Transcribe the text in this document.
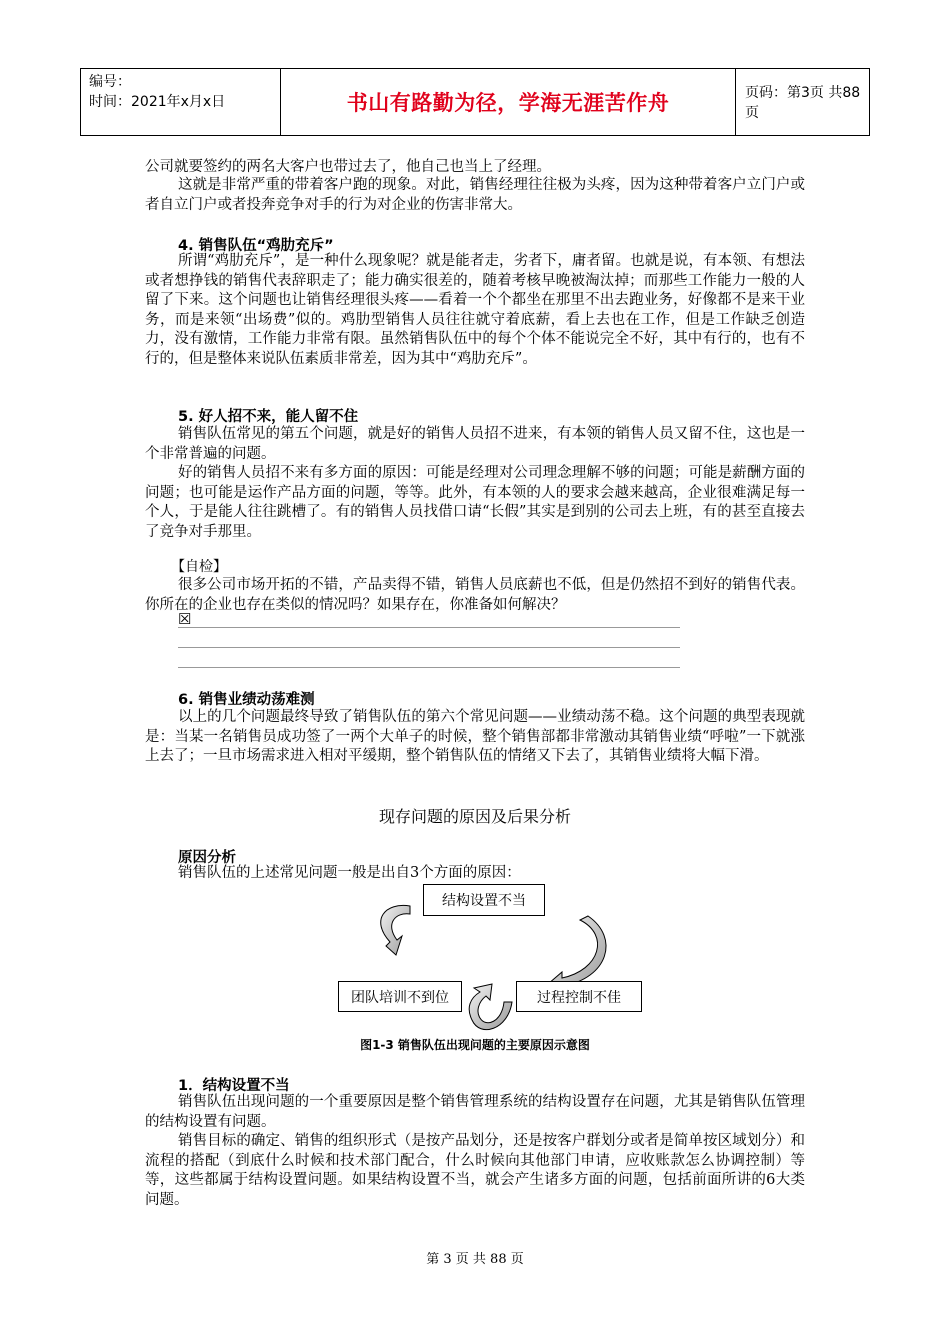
编号：
时间：2021年x月x日	书山有路勤为径，学海无涯苦作舟	页码：第3页 共88页
公司就要签约的两名大客户也带过去了，他自己也当上了经理。
这就是非常严重的带着客户跑的现象。对此，销售经理往往极为头疼，因为这种带着客户立门户或者自立门户或者投奔竞争对手的行为对企业的伤害非常大。
4. 销售队伍“鸡肋充斥”
所谓“鸡肋充斥”，是一种什么现象呢？就是能者走，劣者下，庸者留。也就是说，有本领、有想法或者想挣钱的销售代表辞职走了；能力确实很差的，随着考核早晚被淘汰掉；而那些工作能力一般的人留了下来。这个问题也让销售经理很头疼——看着一个个都坐在那里不出去跑业务，好像都不是来干业务，而是来领“出场费”似的。鸡肋型销售人员往往就守着底薪，看上去也在工作，但是工作缺乏创造力，没有激情，工作能力非常有限。虽然销售队伍中的每个个体不能说完全不好，其中有行的，也有不行的，但是整体来说队伍素质非常差，因为其中“鸡肋充斥”。
5. 好人招不来，能人留不住
销售队伍常见的第五个问题，就是好的销售人员招不进来，有本领的销售人员又留不住，这也是一个非常普遍的问题。
好的销售人员招不来有多方面的原因：可能是经理对公司理念理解不够的问题；可能是薪酬方面的问题；也可能是运作产品方面的问题，等等。此外，有本领的人的要求会越来越高，企业很难满足每一个人，于是能人往往跳槽了。有的销售人员找借口请“长假”其实是到别的公司去上班，有的甚至直接去了竞争对手那里。
【自检】
很多公司市场开拓的不错，产品卖得不错，销售人员底薪也不低，但是仍然招不到好的销售代表。你所在的企业也存在类似的情况吗？如果存在，你准备如何解决？
☒
6. 销售业绩动荡难测
以上的几个问题最终导致了销售队伍的第六个常见问题——业绩动荡不稳。这个问题的典型表现就是：当某一名销售员成功签了一两个大单子的时候，整个销售部都非常激动其销售业绩“呼啦”一下就涨上去了；一旦市场需求进入相对平缓期，整个销售队伍的情绪又下去了，其销售业绩将大幅下滑。
现存问题的原因及后果分析
原因分析
销售队伍的上述常见问题一般是出自3个方面的原因：
结构设置不当
团队培训不到位	过程控制不佳
图1-3 销售队伍出现问题的主要原因示意图
1．结构设置不当
销售队伍出现问题的一个重要原因是整个销售管理系统的结构设置存在问题，尤其是销售队伍管理的结构设置有问题。
销售目标的确定、销售的组织形式（是按产品划分，还是按客户群划分或者是简单按区域划分）和流程的搭配（到底什么时候和技术部门配合，什么时候向其他部门申请，应收账款怎么协调控制）等等，这些都属于结构设置问题。如果结构设置不当，就会产生诸多方面的问题，包括前面所讲的6大类问题。
第 3 页 共 88 页
